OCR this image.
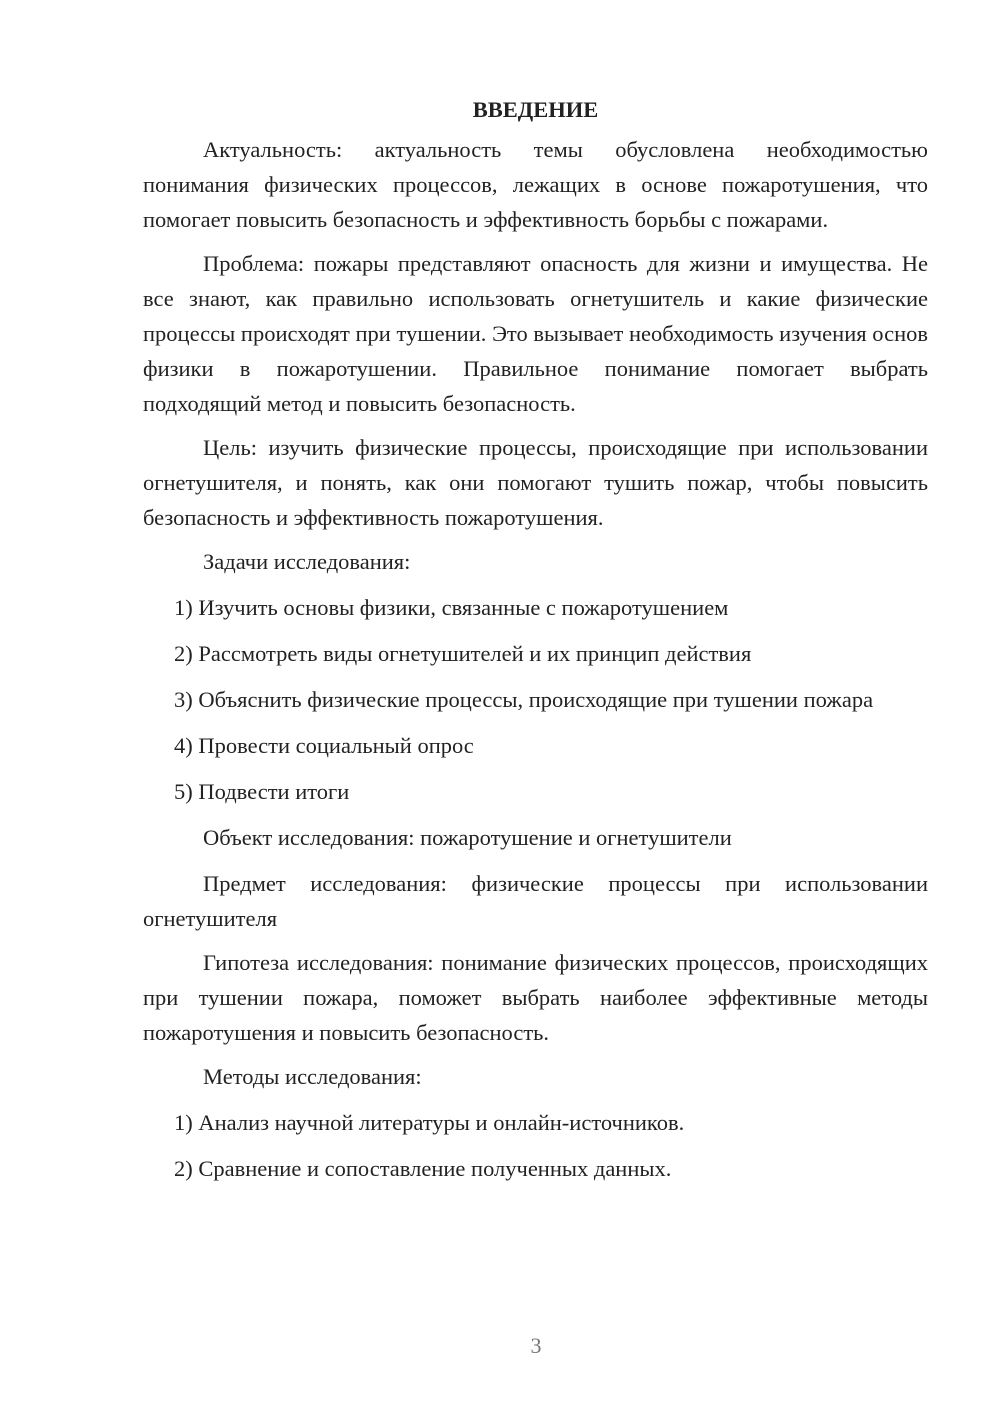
ВВЕДЕНИЕ
Актуальность: актуальность темы обусловлена необходимостью понимания физических процессов, лежащих в основе пожаротушения, что помогает повысить безопасность и эффективность борьбы с пожарами.
Проблема: пожары представляют опасность для жизни и имущества. Не все знают, как правильно использовать огнетушитель и какие физические процессы происходят при тушении. Это вызывает необходимость изучения основ физики в пожаротушении. Правильное понимание помогает выбрать подходящий метод и повысить безопасность.
Цель: изучить физические процессы, происходящие при использовании огнетушителя, и понять, как они помогают тушить пожар, чтобы повысить безопасность и эффективность пожаротушения.
Задачи исследования:
1) Изучить основы физики, связанные с пожаротушением
2) Рассмотреть виды огнетушителей и их принцип действия
3) Объяснить физические процессы, происходящие при тушении пожара
4) Провести социальный опрос
5) Подвести итоги
Объект исследования: пожаротушение и огнетушители
Предмет исследования: физические процессы при использовании огнетушителя
Гипотеза исследования: понимание физических процессов, происходящих при тушении пожара, поможет выбрать наиболее эффективные методы пожаротушения и повысить безопасность.
Методы исследования:
1) Анализ научной литературы и онлайн-источников.
2) Сравнение и сопоставление полученных данных.
3
